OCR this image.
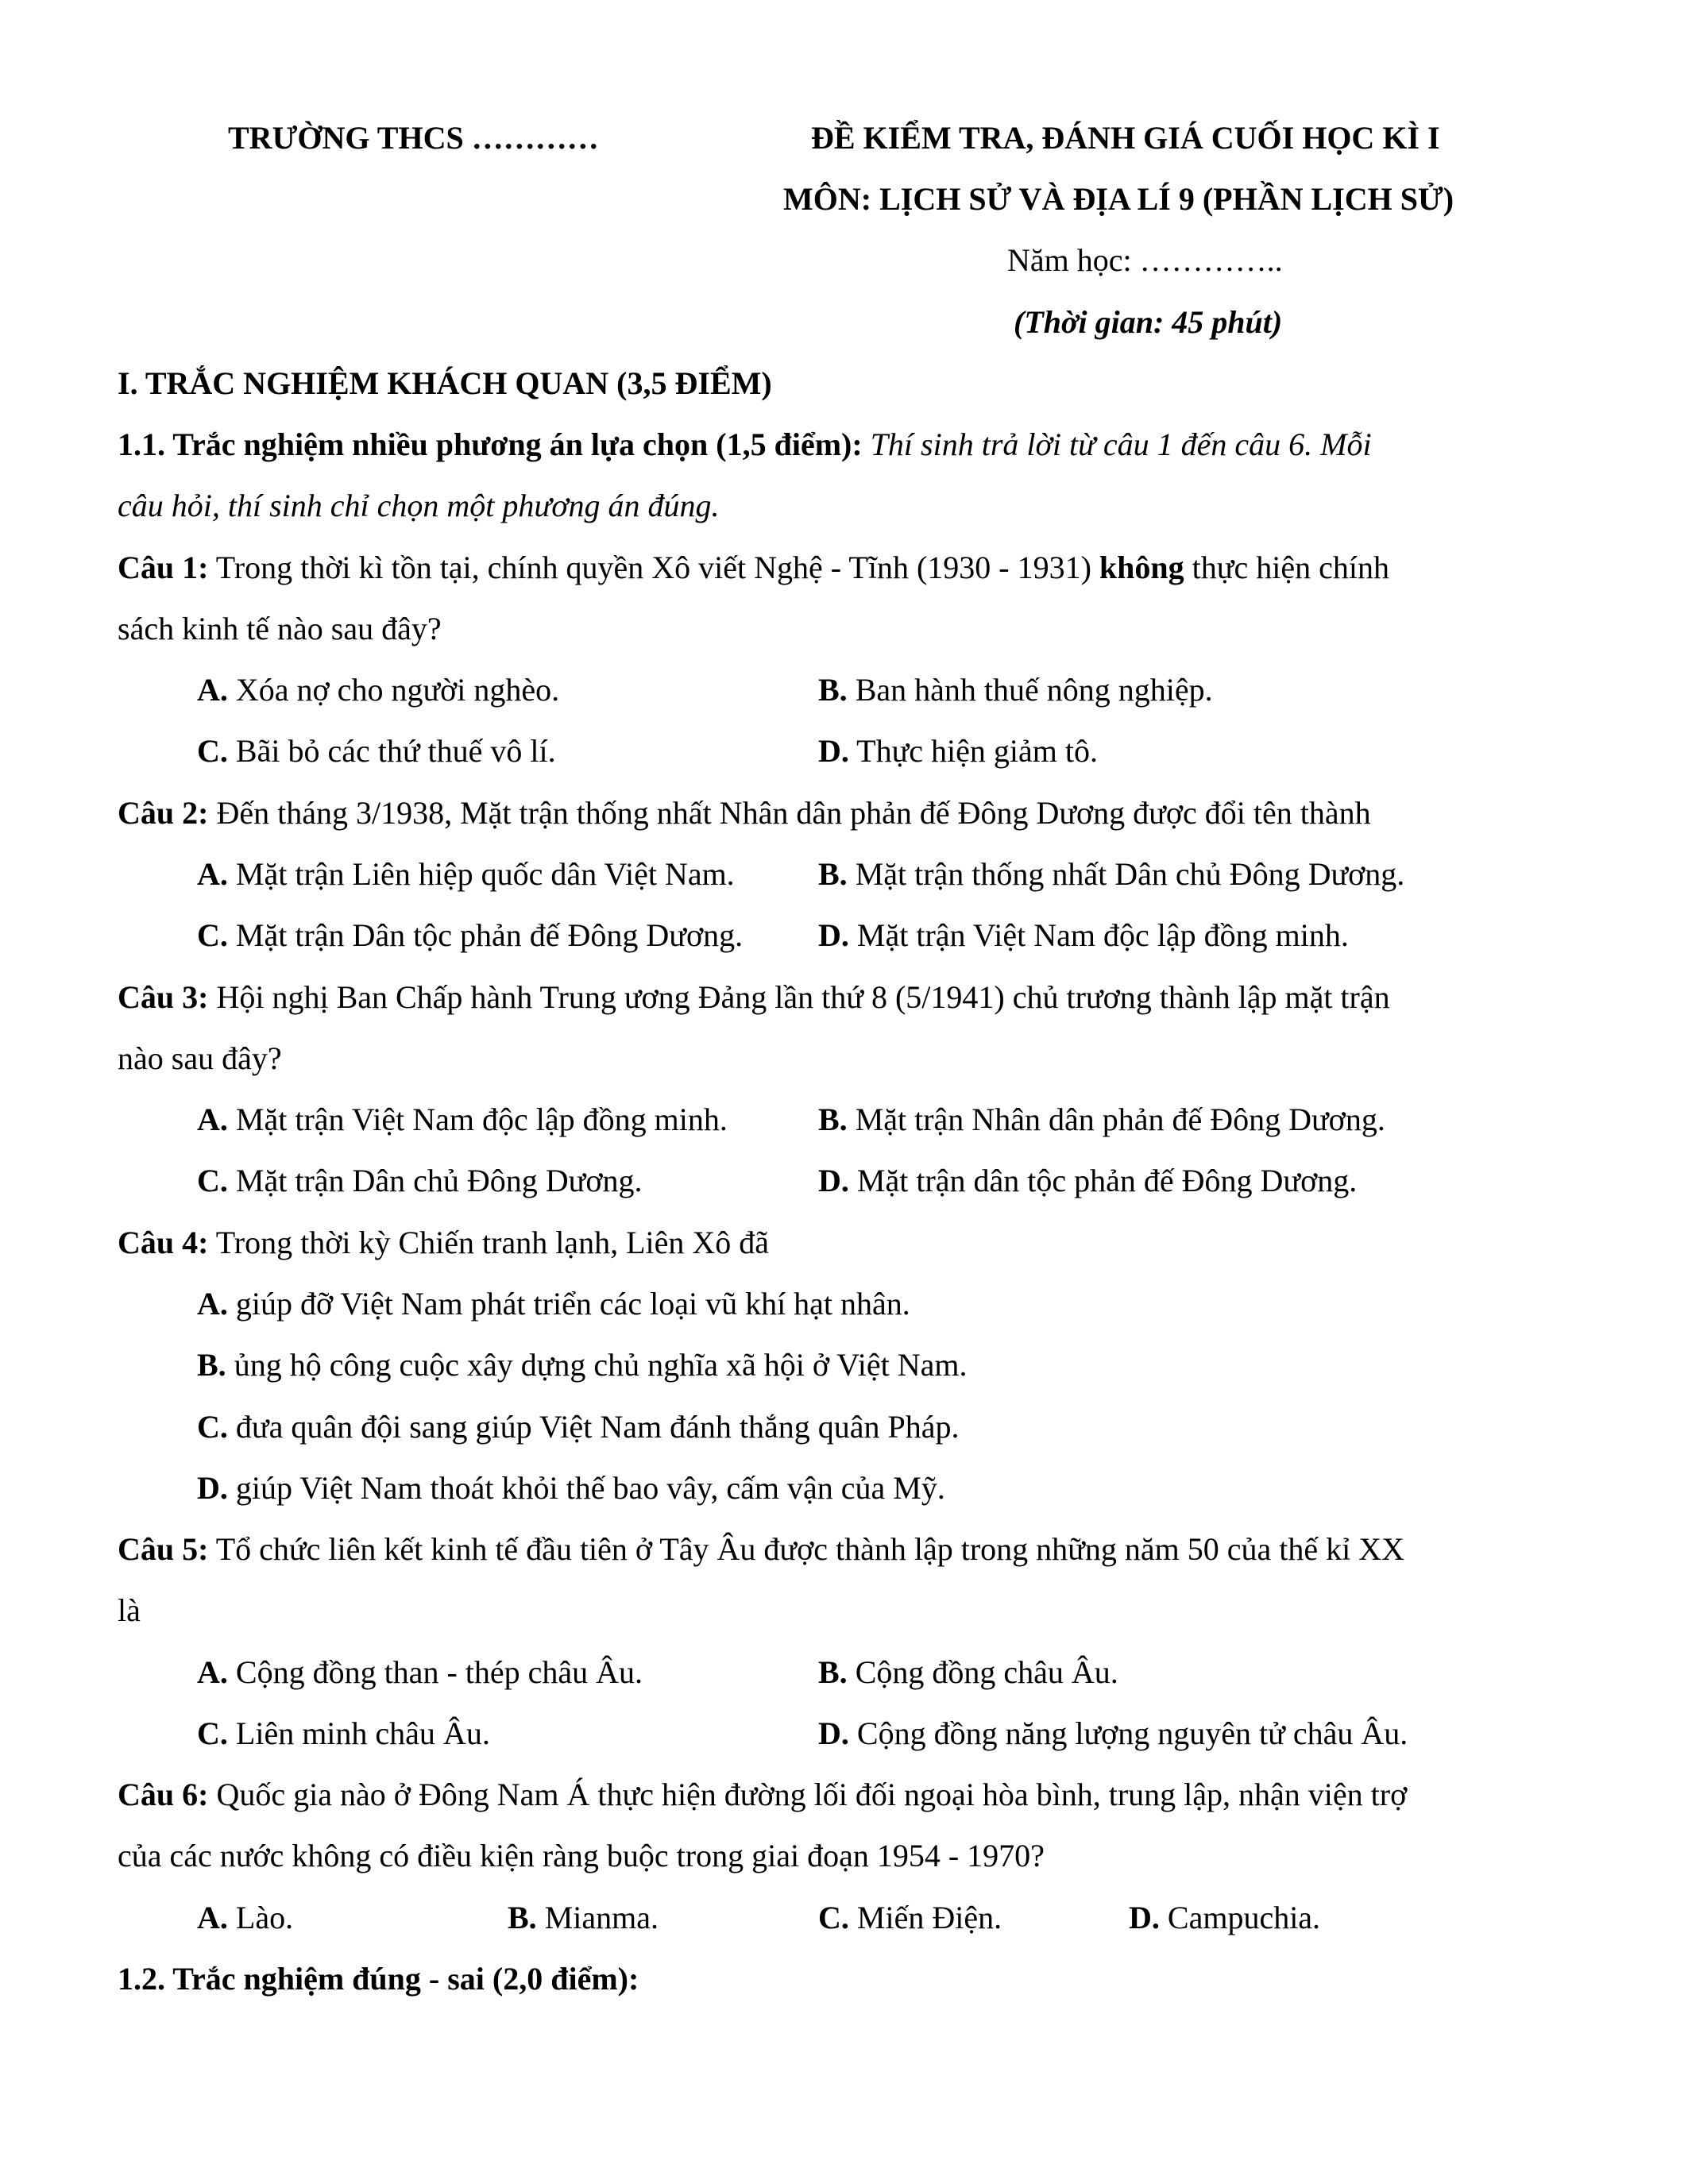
TRƯỜNG THCS …………	ĐỀ KIỂM TRA, ĐÁNH GIÁ CUỐI HỌC KÌ I
MÔN: LỊCH SỬ VÀ ĐỊA LÍ 9 (PHẦN LỊCH SỬ)
Năm học: …………..
(Thời gian: 45 phút)
I. TRẮC NGHIỆM KHÁCH QUAN (3,5 ĐIỂM)
1.1. Trắc nghiệm nhiều phương án lựa chọn (1,5 điểm): Thí sinh trả lời từ câu 1 đến câu 6. Mỗi
câu hỏi, thí sinh chỉ chọn một phương án đúng.
Câu 1: Trong thời kì tồn tại, chính quyền Xô viết Nghệ - Tĩnh (1930 - 1931) không thực hiện chính
sách kinh tế nào sau đây?
A. Xóa nợ cho người nghèo.	B. Ban hành thuế nông nghiệp.
C. Bãi bỏ các thứ thuế vô lí.	D. Thực hiện giảm tô.
Câu 2: Đến tháng 3/1938, Mặt trận thống nhất Nhân dân phản đế Đông Dương được đổi tên thành
A. Mặt trận Liên hiệp quốc dân Việt Nam.	B. Mặt trận thống nhất Dân chủ Đông Dương.
C. Mặt trận Dân tộc phản đế Đông Dương. D. Mặt trận Việt Nam độc lập đồng minh.
Câu 3: Hội nghị Ban Chấp hành Trung ương Đảng lần thứ 8 (5/1941) chủ trương thành lập mặt trận
nào sau đây?
A. Mặt trận Việt Nam độc lập đồng minh.	B. Mặt trận Nhân dân phản đế Đông Dương.
C. Mặt trận Dân chủ Đông Dương.	D. Mặt trận dân tộc phản đế Đông Dương.
Câu 4: Trong thời kỳ Chiến tranh lạnh, Liên Xô đã
A. giúp đỡ Việt Nam phát triển các loại vũ khí hạt nhân.
B. ủng hộ công cuộc xây dựng chủ nghĩa xã hội ở Việt Nam.
C. đưa quân đội sang giúp Việt Nam đánh thắng quân Pháp.
D. giúp Việt Nam thoát khỏi thế bao vây, cấm vận của Mỹ.
Câu 5: Tổ chức liên kết kinh tế đầu tiên ở Tây Âu được thành lập trong những năm 50 của thế kỉ XX
là
A. Cộng đồng than - thép châu Âu.	B. Cộng đồng châu Âu.
C. Liên minh châu Âu.	D. Cộng đồng năng lượng nguyên tử châu Âu.
Câu 6: Quốc gia nào ở Đông Nam Á thực hiện đường lối đối ngoại hòa bình, trung lập, nhận viện trợ
của các nước không có điều kiện ràng buộc trong giai đoạn 1954 - 1970?
A. Lào.	B. Mianma.	C. Miến Điện.	D. Campuchia.
1.2. Trắc nghiệm đúng - sai (2,0 điểm):
